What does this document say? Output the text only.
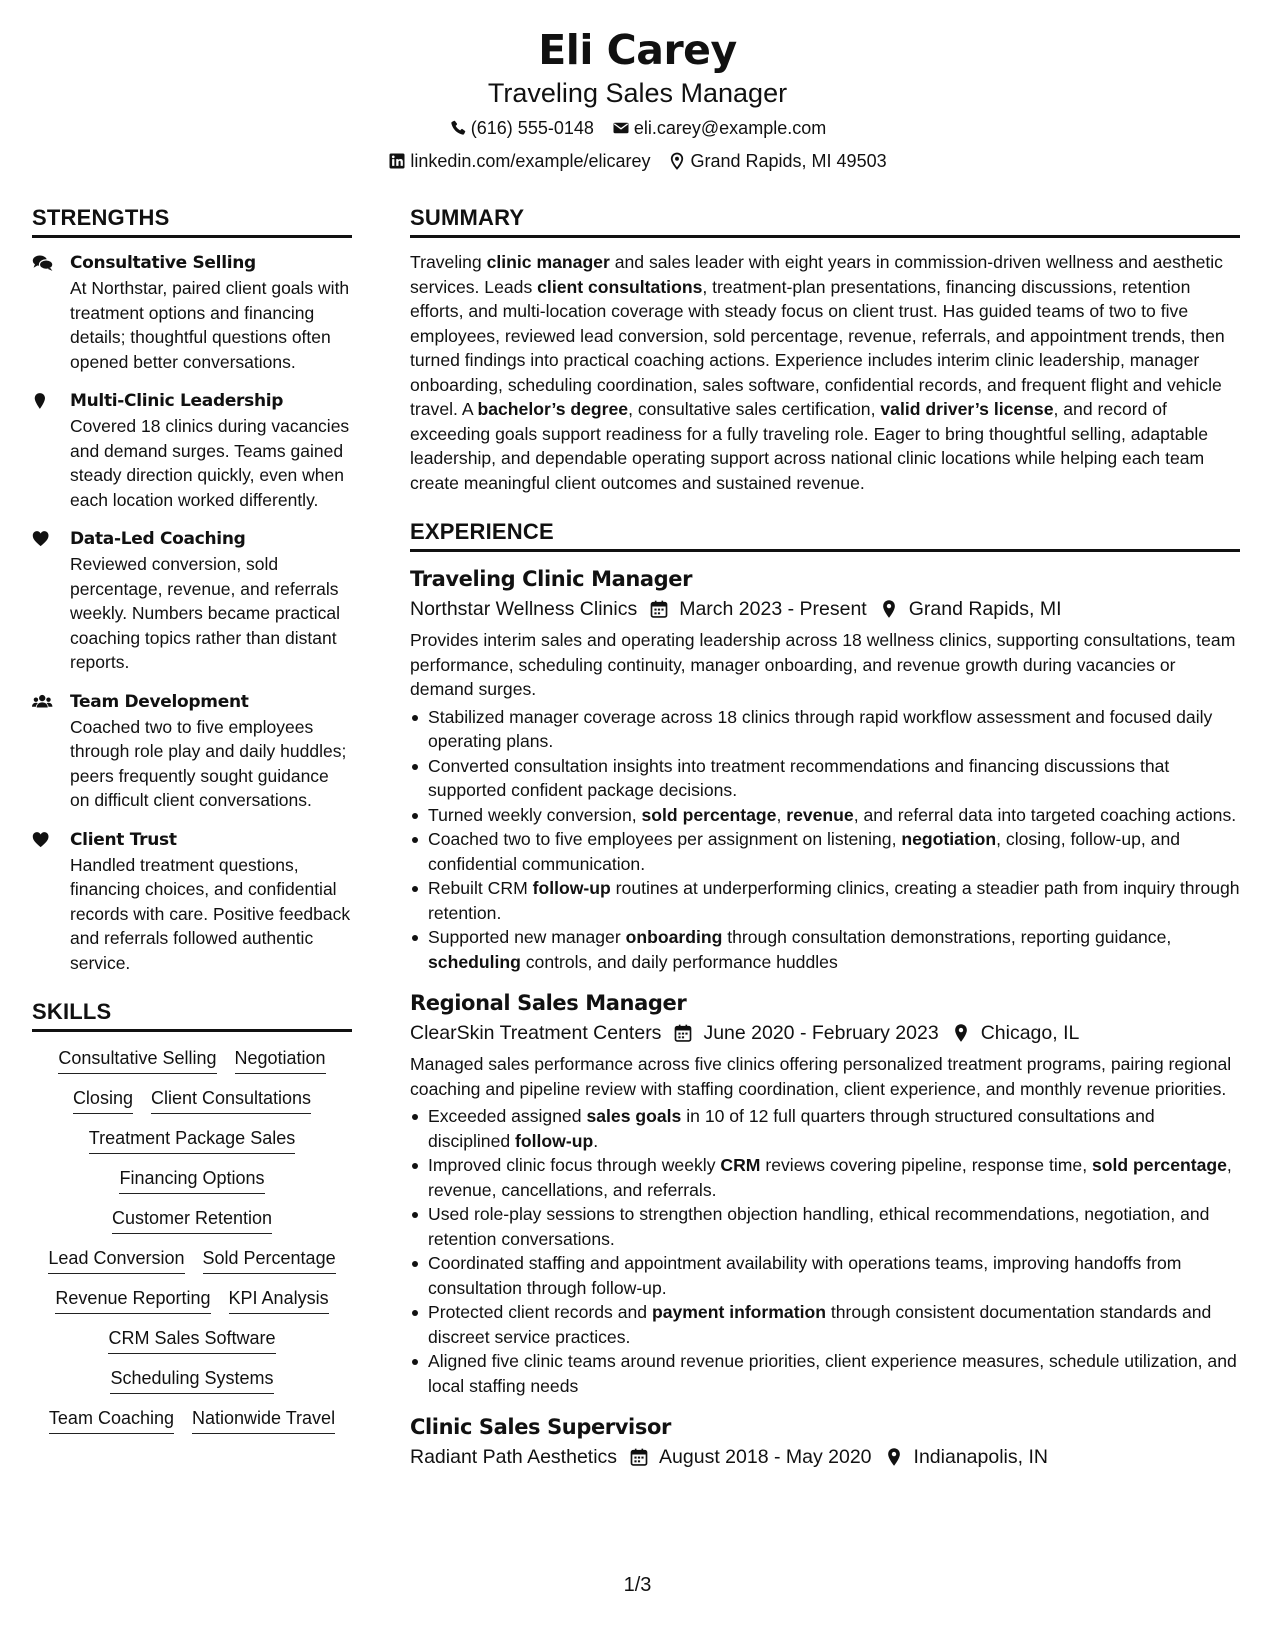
Eli Carey
Traveling Sales Manager
(616) 555-0148 eli.carey@example.com
linkedin.com/example/elicarey Grand Rapids, MI 49503
STRENGTHS
Consultative Selling
At Northstar, paired client goals with treatment options and financing details; thoughtful questions often opened better conversations.
Multi-Clinic Leadership
Covered 18 clinics during vacancies and demand surges. Teams gained steady direction quickly, even when each location worked differently.
Data-Led Coaching
Reviewed conversion, sold percentage, revenue, and referrals weekly. Numbers became practical coaching topics rather than distant reports.
Team Development
Coached two to five employees through role play and daily huddles; peers frequently sought guidance on difficult client conversations.
Client Trust
Handled treatment questions, financing choices, and confidential records with care. Positive feedback and referrals followed authentic service.
SKILLS
Consultative Selling Negotiation
Closing Client Consultations
Treatment Package Sales
Financing Options
Customer Retention
Lead Conversion Sold Percentage
Revenue Reporting KPI Analysis
CRM Sales Software
Scheduling Systems
Team Coaching Nationwide Travel
SUMMARY
Traveling clinic manager and sales leader with eight years in commission-driven wellness and aesthetic services. Leads client consultations, treatment-plan presentations, financing discussions, retention efforts, and multi-location coverage with steady focus on client trust. Has guided teams of two to five employees, reviewed lead conversion, sold percentage, revenue, referrals, and appointment trends, then turned findings into practical coaching actions. Experience includes interim clinic leadership, manager onboarding, scheduling coordination, sales software, confidential records, and frequent flight and vehicle travel. A bachelor’s degree, consultative sales certification, valid driver’s license, and record of exceeding goals support readiness for a fully traveling role. Eager to bring thoughtful selling, adaptable leadership, and dependable operating support across national clinic locations while helping each team create meaningful client outcomes and sustained revenue.
EXPERIENCE
Traveling Clinic Manager
Northstar Wellness Clinics March 2023 - Present Grand Rapids, MI
Provides interim sales and operating leadership across 18 wellness clinics, supporting consultations, team performance, scheduling continuity, manager onboarding, and revenue growth during vacancies or demand surges.
Stabilized manager coverage across 18 clinics through rapid workflow assessment and focused daily operating plans.
Converted consultation insights into treatment recommendations and financing discussions that supported confident package decisions.
Turned weekly conversion, sold percentage, revenue, and referral data into targeted coaching actions.
Coached two to five employees per assignment on listening, negotiation, closing, follow-up, and confidential communication.
Rebuilt CRM follow-up routines at underperforming clinics, creating a steadier path from inquiry through retention.
Supported new manager onboarding through consultation demonstrations, reporting guidance, scheduling controls, and daily performance huddles
Regional Sales Manager
ClearSkin Treatment Centers June 2020 - February 2023 Chicago, IL
Managed sales performance across five clinics offering personalized treatment programs, pairing regional coaching and pipeline review with staffing coordination, client experience, and monthly revenue priorities.
Exceeded assigned sales goals in 10 of 12 full quarters through structured consultations and disciplined follow-up.
Improved clinic focus through weekly CRM reviews covering pipeline, response time, sold percentage, revenue, cancellations, and referrals.
Used role-play sessions to strengthen objection handling, ethical recommendations, negotiation, and retention conversations.
Coordinated staffing and appointment availability with operations teams, improving handoffs from consultation through follow-up.
Protected client records and payment information through consistent documentation standards and discreet service practices.
Aligned five clinic teams around revenue priorities, client experience measures, schedule utilization, and local staffing needs
Clinic Sales Supervisor
Radiant Path Aesthetics August 2018 - May 2020 Indianapolis, IN
1/3
